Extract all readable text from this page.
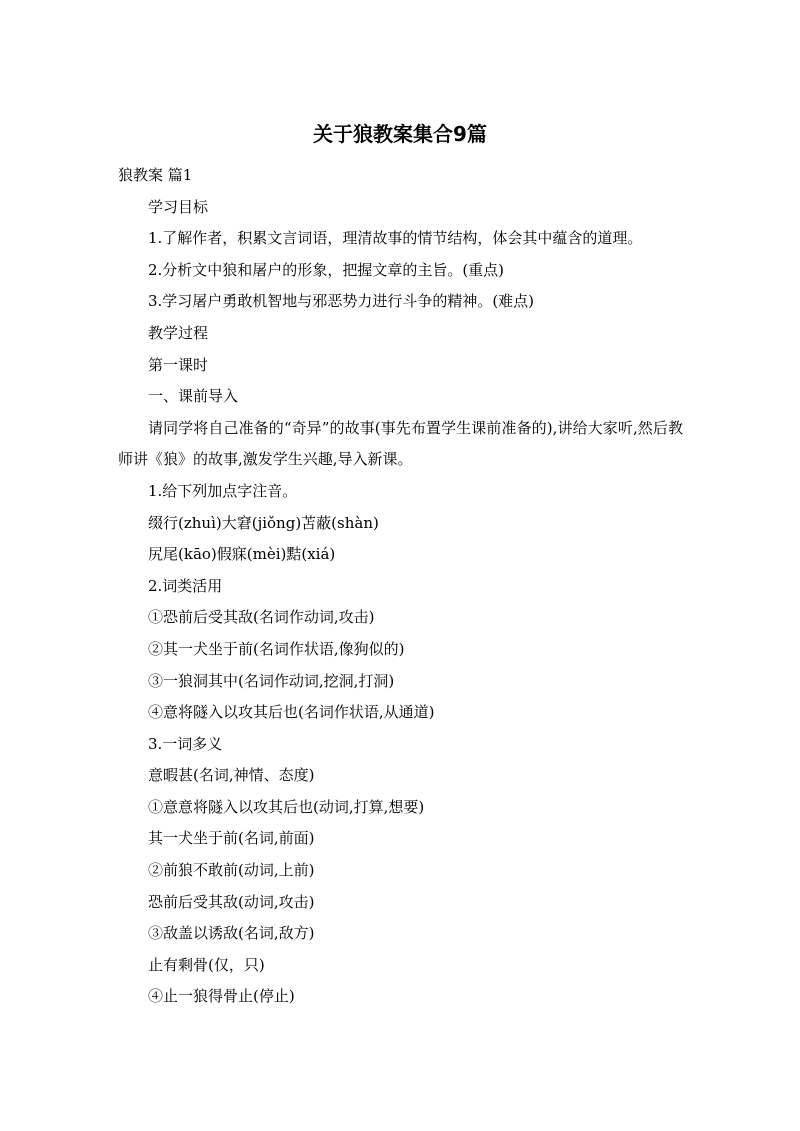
关于狼教案集合9篇

狼教案 篇1

学习目标

1.了解作者，积累文言词语，理清故事的情节结构，体会其中蕴含的道理。

2.分析文中狼和屠户的形象，把握文章的主旨。(重点)

3.学习屠户勇敢机智地与邪恶势力进行斗争的精神。(难点)

教学过程

第一课时

一、课前导入

请同学将自己准备的“奇异”的故事(事先布置学生课前准备的),讲给大家听,然后教师讲《狼》的故事,激发学生兴趣,导入新课。

1.给下列加点字注音。

缀行(zhuì)大窘(jiǒng)苫蔽(shàn)

尻尾(kāo)假寐(mèi)黠(xiá)

2.词类活用

①恐前后受其敌(名词作动词,攻击)

②其一犬坐于前(名词作状语,像狗似的)

③一狼洞其中(名词作动词,挖洞,打洞)

④意将隧入以攻其后也(名词作状语,从通道)

3.一词多义

意暇甚(名词,神情、态度)

①意意将隧入以攻其后也(动词,打算,想要)

其一犬坐于前(名词,前面)

②前狼不敢前(动词,上前)

恐前后受其敌(动词,攻击)

③敌盖以诱敌(名词,敌方)

止有剩骨(仅，只)

④止一狼得骨止(停止)
